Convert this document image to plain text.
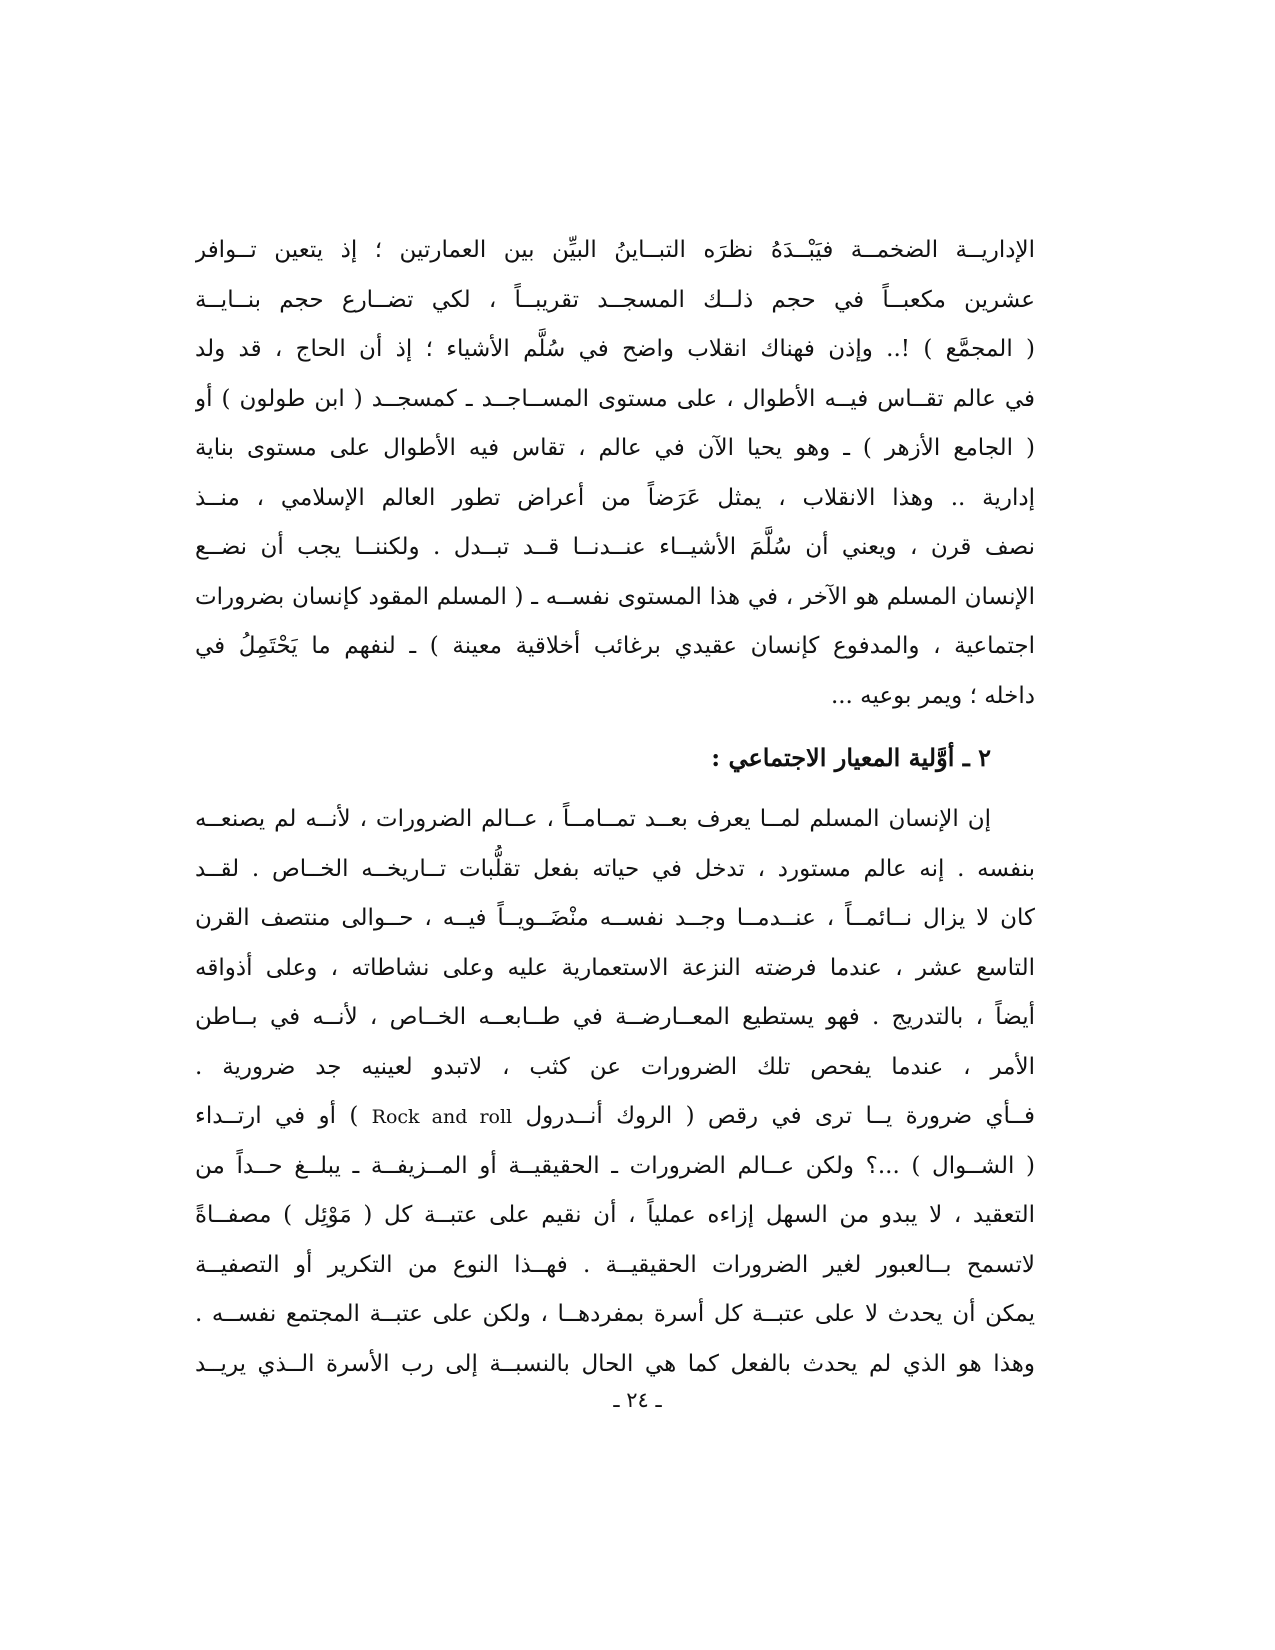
الإداريــة الضخمــة فيَبْــدَهُ نظرَه التبــاينُ البيِّن بين العمارتين ؛ إذ يتعين تــوافر
عشرين مكعبــاً في حجم ذلــك المسجــد تقريبــاً ، لكي تضــارع حجم بنــايــة
( المجمَّع ) !.. وإذن فهناك انقلاب واضح في سُلَّم الأشياء ؛ إذ أن الحاج ، قد ولد
في عالم تقــاس فيــه الأطوال ، على مستوى المســاجــد ـ كمسجــد ( ابن طولون ) أو
( الجامع الأزهر ) ـ وهو يحيا الآن في عالم ، تقاس فيه الأطوال على مستوى بناية
إدارية .. وهذا الانقلاب ، يمثل عَرَضاً من أعراض تطور العالم الإسلامي ، منــذ
نصف قرن ، ويعني أن سُلَّمَ الأشيــاء عنــدنــا قــد تبــدل . ولكننــا يجب أن نضــع
الإنسان المسلم هو الآخر ، في هذا المستوى نفســه ـ ( المسلم المقود كإنسان بضرورات
اجتماعية ، والمدفوع كإنسان عقيدي برغائب أخلاقية معينة ) ـ لنفهم ما يَحْتَمِلُ في
داخله ؛ ويمر بوعيه ...
٢ ـ أوَّلية المعيار الاجتماعي :
إن الإنسان المسلم لمــا يعرف بعــد تمــامــاً ، عــالم الضرورات ، لأنــه لم يصنعــه
بنفسه . إنه عالم مستورد ، تدخل في حياته بفعل تقلُّبات تــاريخــه الخــاص . لقــد
كان لا يزال نــائمــاً ، عنــدمــا وجــد نفســه منْضَــويــاً فيــه ، حــوالى منتصف القرن
التاسع عشر ، عندما فرضته النزعة الاستعمارية عليه وعلى نشاطاته ، وعلى أذواقه
أيضاً ، بالتدريج . فهو يستطيع المعــارضــة في طــابعــه الخــاص ، لأنــه في بــاطن
الأمر ، عندما يفحص تلك الضرورات عن كثب ، لاتبدو لعينيه جد ضرورية .
فــأي ضرورة يــا ترى في رقص ( الروك أنــدرول Rock and roll ) أو في ارتــداء
( الشــوال ) ...؟ ولكن عــالم الضرورات ـ الحقيقيــة أو المــزيفــة ـ يبلــغ حــداً من
التعقيد ، لا يبدو من السهل إزاءه عملياً ، أن نقيم على عتبــة كل ( مَوْئِل ) مصفــاةً
لاتسمح بــالعبور لغير الضرورات الحقيقيــة . فهــذا النوع من التكرير أو التصفيــة
يمكن أن يحدث لا على عتبــة كل أسرة بمفردهــا ، ولكن على عتبــة المجتمع نفســه .
وهذا هو الذي لم يحدث بالفعل كما هي الحال بالنسبــة إلى رب الأسرة الــذي يريــد
ـ ٢٤ ـ
